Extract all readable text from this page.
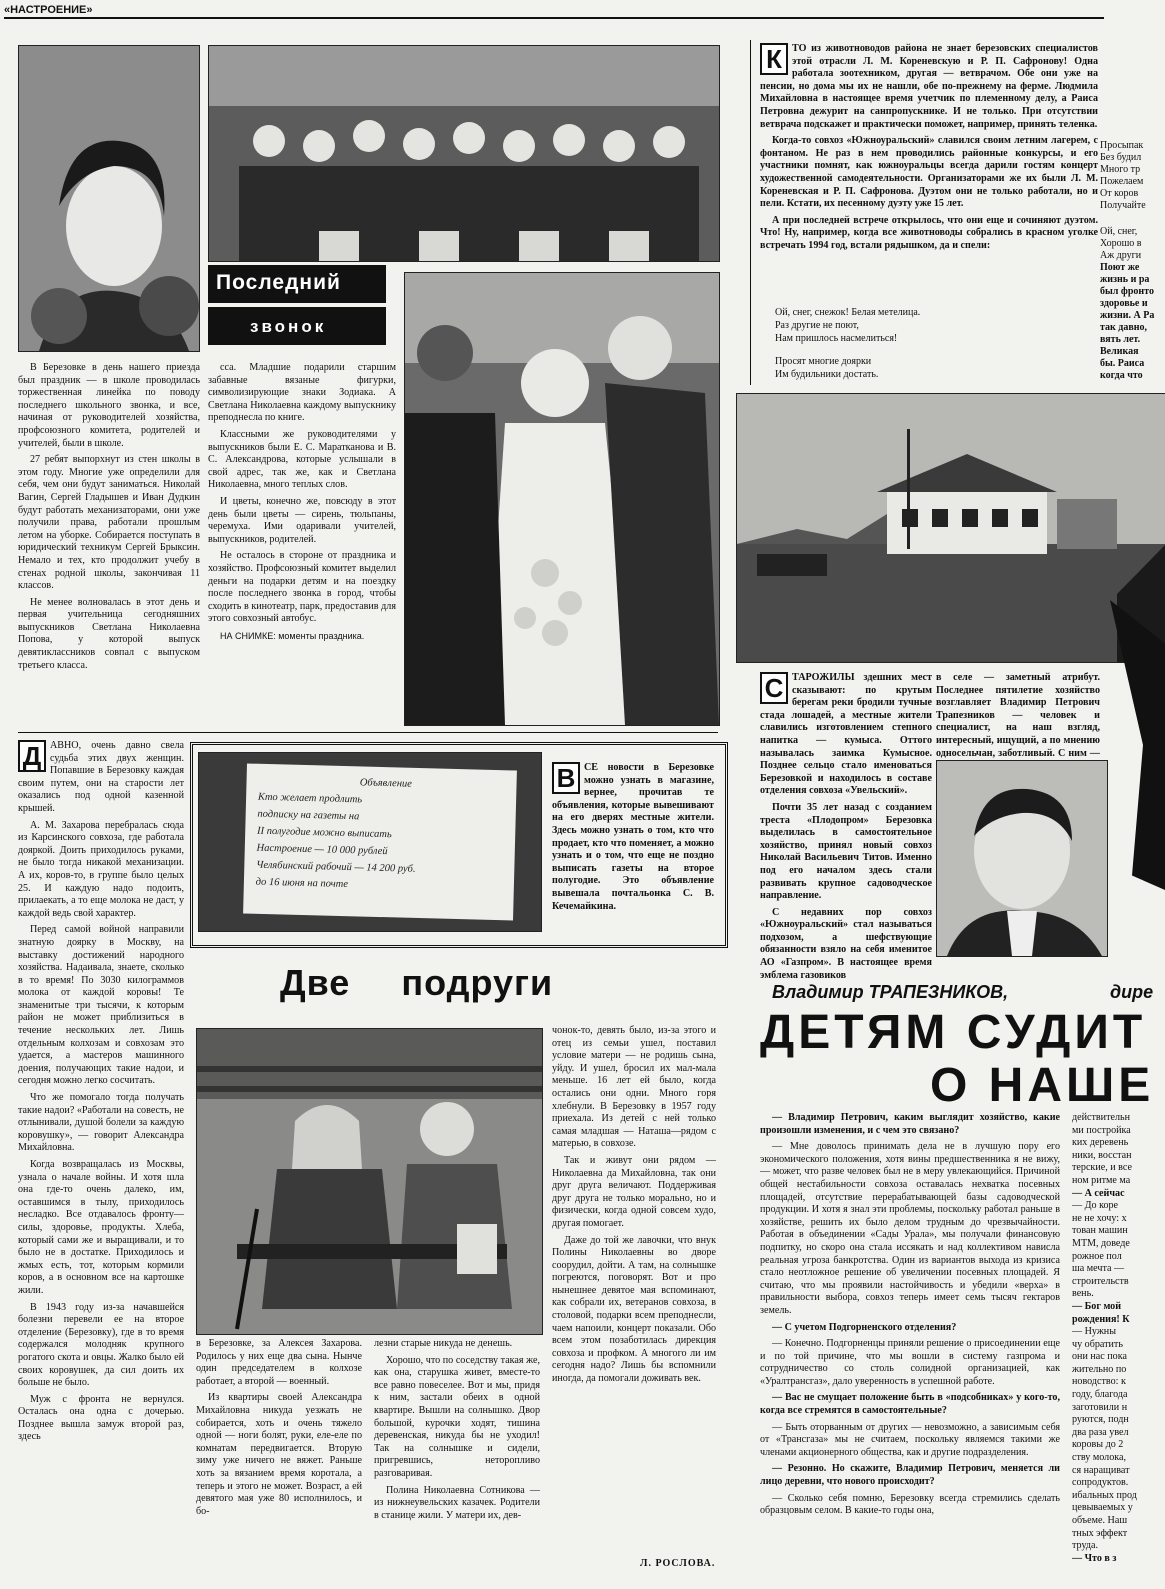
«НАСТРОЕНИЕ»
Последний
звонок

В Березовке в день нашего приезда был праздник — в школе проводилась торжественная линейка по поводу последнего школьного звонка, и все, начиная от руководителей хозяйства, профсоюзного комитета, родителей и учителей, были в школе.

27 ребят выпорхнут из стен школы в этом году. Многие уже определили для себя, чем они будут заниматься. Николай Вагин, Сергей Гладышев и Иван Дудкин будут работать механизаторами, они уже получили права, работали прошлым летом на уборке. Собирается поступать в юридический техникум Сергей Брыксин. Немало и тех, кто продолжит учебу в стенах родной школы, закончивая 11 классов.

Не менее волновалась в этот день и первая учительница сегодняшних выпускников Светлана Николаевна Попова, у которой выпуск девятиклассников совпал с выпуском третьего класса.

сса. Младшие подарили старшим забавные вязаные фигурки, символизирующие знаки Зодиака. А Светлана Николаевна каждому выпускнику преподнесла по книге.

Классными же руководителями у выпускников были Е. С. Маратканова и В. С. Александрова, которые услышали в свой адрес, так же, как и Светлана Николаевна, много теплых слов.

И цветы, конечно же, повсюду в этот день были цветы — сирень, тюльпаны, черемуха. Ими одаривали учителей, выпускников, родителей.

Не осталось в стороне от праздника и хозяйство. Профсоюзный комитет выделил деньги на подарки детям и на поездку после последнего звонка в город, чтобы сходить в кинотеатр, парк, предоставив для этого совхозный автобус.

НА СНИМКЕ: моменты праздника.

К ТО из животноводов района не знает березовских специалистов этой отрасли Л. М. Кореневскую и Р. П. Сафронову! Одна работала зоотехником, другая — ветврачом. Обе они уже на пенсии, но дома мы их не нашли, обе по-прежнему на ферме. Людмила Михайловна в настоящее время учетчик по племенному делу, а Раиса Петровна дежурит на санпропускнике. И не только. При отсутствии ветврача подскажет и практически поможет, например, принять теленка.

Когда-то совхоз «Южноуральский» славился своим летним лагерем, с фонтаном. Не раз в нем проводились районные конкурсы, и его участники помнят, как южноуральцы всегда дарили гостям концерт художественной самодеятельности. Организаторами же их были Л. М. Кореневская и Р. П. Сафронова. Дуэтом они не только работали, но и пели. Кстати, их песенному дуэту уже 15 лет.

А при последней встрече открылось, что они еще и сочиняют дуэтом. Что! Ну, например, когда все животноводы собрались в красном уголке встречать 1994 год, встали рядышком, да и спели:

Ой, снег, снежок! Белая метелица.
Раз другие не поют,
Нам пришлось насмелиться!
Просят многие доярки
Им будильники достать.
Просыпак
Без будил
Много тр
Пожелаем
От коров
Получайте
Ой, снег,
Хорошо в
Аж други
Поют же
жизнь и ра
был фронто
здоровье и
жизни. А Ра
так давно,
вять лет.
Великая
бы. Раиса
когда что
Д АВНО, очень давно свела судьба этих двух женщин. Попавшие в Березовку каждая своим путем, они на старости лет оказались под одной казенной крышей.

А. М. Захарова перебралась сюда из Карсинского совхоза, где работала дояркой. Доить приходилось руками, не было тогда никакой механизации. А их, коров-то, в группе было целых 25. И каждую надо подоить, прилаекать, а то еще молока не даст, у каждой ведь свой характер.

Перед самой войной направили знатную доярку в Москву, на выставку достижений народного хозяйства. Надаивала, знаете, сколько в то время! По 3030 килограммов молока от каждой коровы! Те знаменитые три тысячи, к которым район не может приблизиться в течение нескольких лет. Лишь отдельным колхозам и совхозам это удается, а мастеров машинного доения, получающих такие надои, и сегодня можно легко сосчитать.

Что же помогало тогда получать такие надои? «Работали на совесть, не отлынивали, душой болели за каждую коровушку», — говорит Александра Михайловна.

Когда возвращалась из Москвы, узнала о начале войны. И хотя шла она где-то очень далеко, им, оставшимся в тылу, приходилось несладко. Все отдавалось фронту—силы, здоровье, продукты. Хлеба, который сами же и выращивали, и то было не в достатке. Приходилось и жмых есть, тот, которым кормили коров, а в основном все на картошке жили.

В 1943 году из-за начавшейся болезни перевели ее на второе отделение (Березовку), где в то время содержался молодняк крупного рогатого скота и овцы. Жалко было ей своих коровушек, да сил доить их больше не было.

Муж с фронта не вернулся. Осталась она одна с дочерью. Позднее вышла замуж второй раз, здесь

Объявление
Кто желает продлить
подписку на газеты на
II полугодие можно выписать
Настроение — 10 000 рублей
Челябинский рабочий — 14 200 руб.
до 16 июня на почте
В СЕ новости в Березовке можно узнать в магазине, вернее, прочитав те объявления, которые вывешивают на его дверях местные жители. Здесь можно узнать о том, кто что продает, кто что поменяет, а можно узнать и о том, что еще не поздно выписать газеты на второе полугодие. Это объявление вывешала почтальонка С. В. Кечемайкина.

Две подруги

чонок-то, девять было, из-за этого и отец из семьи ушел, поставил условие матери — не родишь сына, уйду. И ушел, бросил их мал-мала меньше. 16 лет ей было, когда остались они одни. Много горя хлебнули. В Березовку в 1957 году приехала. Из детей с ней только самая младшая — Наташа—рядом с матерью, в совхозе.

Так и живут они рядом — Николаевна да Михайловна, так они друг друга величают. Поддерживая друг друга не только морально, но и физически, когда одной совсем худо, другая помогает.

Даже до той же лавочки, что внук Полины Николаевны во дворе соорудил, дойти. А там, на солнышке погреются, поговорят. Вот и про нынешнее девятое мая вспоминают, как собрали их, ветеранов совхоза, в столовой, подарки всем преподнесли, чаем напоили, концерт показали. Обо всем этом позаботилась дирекция совхоза и профком. А многого ли им сегодня надо? Лишь бы вспомнили иногда, да помогали доживать век.

в Березовке, за Алексея Захарова. Родилось у них еще два сына. Нынче один председателем в колхозе работает, а второй — военный.

Из квартиры своей Александра Михайловна никуда уезжать не собирается, хоть и очень тяжело одной — ноги болят, руки, еле-еле по комнатам передвигается. Вторую зиму уже ничего не вяжет. Раньше хоть за вязанием время коротала, а теперь и этого не может. Возраст, а ей девятого мая уже 80 исполнилось, и бо-

лезни старые никуда не денешь.

Хорошо, что по соседству такая же, как она, старушка живет, вместе-то все равно повеселее. Вот и мы, придя к ним, застали обеих в одной квартире. Вышли на солнышко. Двор большой, курочки ходят, тишина деревенская, никуда бы не уходил! Так на солнышке и сидели, пригревшись, неторопливо разговаривая.

Полина Николаевна Сотникова — из нижнеувельских казачек. Родители в станице жили. У матери их, дев-

Л. РОСЛОВА.
С ТАРОЖИЛЫ здешних мест сказывают: по крутым берегам реки бродили тучные стада лошадей, а местные жители славились изготовлением степного напитка — кумыса. Оттого называлась заимка Кумысное. Позднее сельцо стало именоваться Березовкой и находилось в составе отделения совхоза «Увельский».

Почти 35 лет назад с созданием треста «Плодопром» Березовка выделилась в самостоятельное хозяйство, принял новый совхоз Николай Васильевич Титов. Именно под его началом здесь стали развивать крупное садоводческое направление.

С недавних пор совхоз «Южноуральский» стал называться подхозом, а шефствующие обязанности взяло на себя именитое АО «Газпром». В настоящее время эмблема газовиков

в селе — заметный атрибут. Последнее пятилетие хозяйство возглавляет Владимир Петрович Трапезников — человек и специалист, на наш взгляд, интересный, ищущий, а по мнению односельчан, заботливый. С ним —

Владимир ТРАПЕЗНИКОВ,	дире
ДЕТЯМ СУДИТ
О НАШЕ

— Владимир Петрович, каким выглядит хозяйство, какие произошли изменения, и с чем это связано?

— Мне доволось принимать дела не в лучшую пору его экономического положения, хотя вины предшественника я не вижу, — может, что разве человек был не в меру увлекающийся. Причиной общей нестабильности совхоза оставалась нехватка посевных площадей, отсутствие перерабатывающей базы садоводческой продукции. И хотя я знал эти проблемы, поскольку работал раньше в хозяйстве, решить их было делом трудным до чрезвычайности. Работая в объединении «Сады Урала», мы получали финансовую подпитку, но скоро она стала иссякать и над коллективом нависла реальная угроза банкротства. Один из вариантов выхода из кризиса стало неотложное решение об увеличении посевных площадей. Я считаю, что мы проявили настойчивость и убедили «верха» в правильности выбора, совхоз теперь имеет семь тысяч гектаров земель.

— С учетом Подгорненского отделения?

— Конечно. Подгорненцы приняли решение о присоединении еще и по той причине, что мы вошли в систему газпрома и сотрудничество со столь солидной организацией, как «Уралтрансгаз», дало уверенность в успешной работе.

— Вас не смущает положение быть в «подсобниках» у кого-то, когда все стремятся в самостоятельные?

— Быть оторванным от других — невозможно, а зависимым себя от «Трансгаза» мы не считаем, поскольку являемся такими же членами акционерного общества, как и другие подразделения.

— Резонно. Но скажите, Владимир Петрович, меняется ли лицо деревни, что нового происходит?

— Сколько себя помню, Березовку всегда стремились сделать образцовым селом. В какие-то годы она,

действительн
ми постройка
ких деревень
ники, восстан
терские, и все
ном ритме ма
— А сейчас
— До коре
не не хочу: х
тован машин
МТМ, доведе
рожное пол
ша мечта —
строительств
вень.
— Бог мой
рождения! К
— Нужны
чу обратить
они нас пока
жительно по
новодство: к
году, благода
заготовили н
руются, подн
два раза увел
коровы до 2
ству молока,
ся наращиват
сопродуктов.
ибальных прод
цевываемых у
объеме. Наш
тных эффект
труда.
— Что в з
